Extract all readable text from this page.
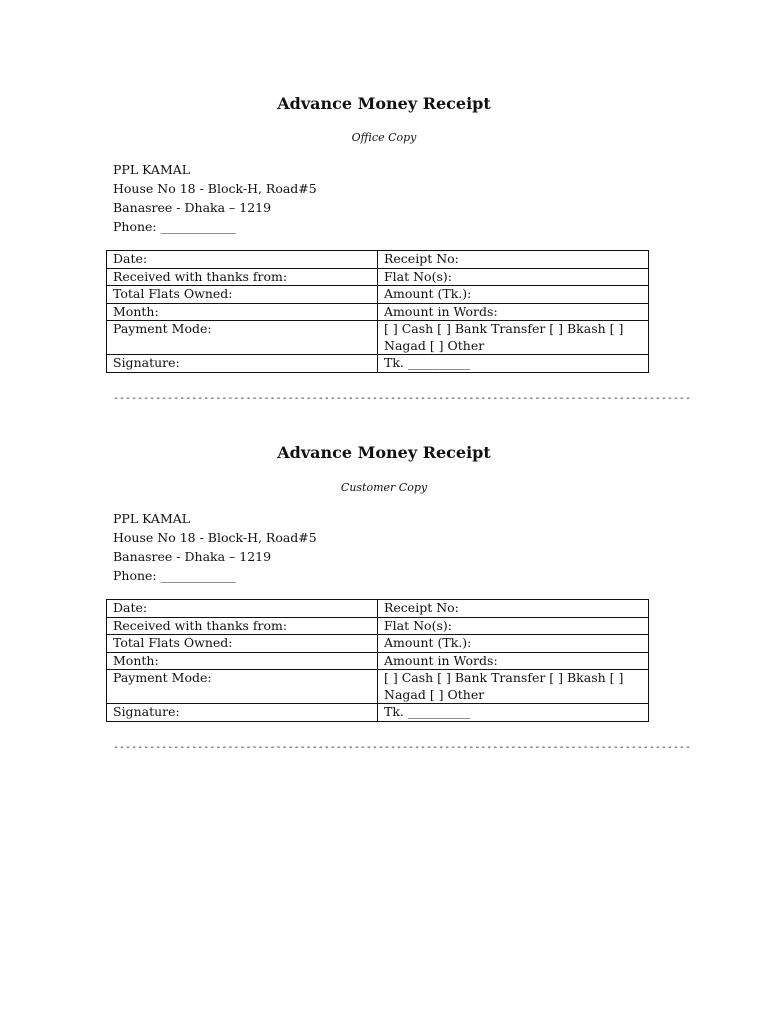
Advance Money Receipt
Office Copy
PPL KAMAL
House No 18 - Block-H, Road#5
Banasree - Dhaka – 1219
Phone: ____________
Date:	Receipt No:
Received with thanks from:	Flat No(s):
Total Flats Owned:	Amount (Tk.):
Month:	Amount in Words:
Payment Mode:	[ ] Cash [ ] Bank Transfer [ ] Bkash [ ] Nagad [ ] Other
Signature:	Tk. __________
------------------------------------------------------------------------------------------------
Advance Money Receipt
Customer Copy
PPL KAMAL
House No 18 - Block-H, Road#5
Banasree - Dhaka – 1219
Phone: ____________
Date:	Receipt No:
Received with thanks from:	Flat No(s):
Total Flats Owned:	Amount (Tk.):
Month:	Amount in Words:
Payment Mode:	[ ] Cash [ ] Bank Transfer [ ] Bkash [ ] Nagad [ ] Other
Signature:	Tk. __________
------------------------------------------------------------------------------------------------
